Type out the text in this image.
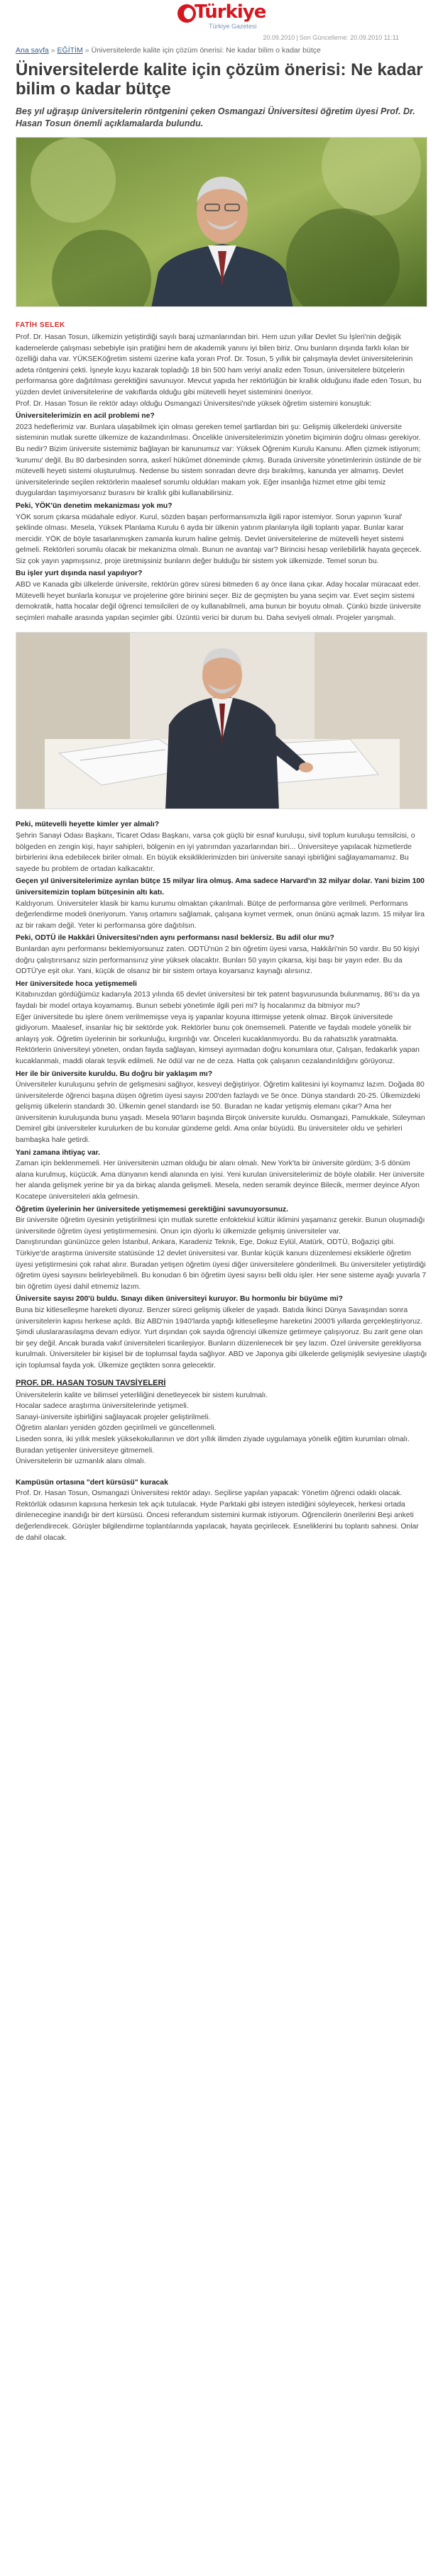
Türkiye
Türkiye Gazetesi
20.09.2010 | Son Güncelleme: 20.09.2010 11:11
Ana sayfa » EĞİTİM » Üniversitelerde kalite için çözüm önerisi: Ne kadar bilim o kadar bütçe
Üniversitelerde kalite için çözüm önerisi: Ne kadar bilim o kadar bütçe

Beş yıl uğraşıp üniversitelerin röntgenini çeken Osmangazi Üniversitesi öğretim üyesi Prof. Dr. Hasan Tosun önemli açıklamalarda bulundu.

FATİH SELEK

Prof. Dr. Hasan Tosun, ülkemizin yetiştirdiği sayılı baraj uzmanlarından biri. Hem uzun yıllar Devlet Su İşleri'nin değişik kademelerde çalışması sebebiyle işin pratiğini hem de akademik yanını iyi bilen biriz. Onu bunların dışında farklı kılan bir özelliği daha var. YÜKSEKöğretim sistemi üzerine kafa yoran Prof. Dr. Tosun, 5 yıllık bir çalışmayla devlet üniversitelerinin adeta röntgenini çekti. İşneyle kuyu kazarak topladığı 18 bin 500 ham veriyi analiz eden Tosun, üniversitelere bütçelerin performansa göre dağıtılması gerektiğini savunuyor. Mevcut yapıda her rektörlüğün bir krallık olduğunu ifade eden Tosun, bu yüzden devlet üniversitelerine de vakıflarda olduğu gibi mütevelli heyet sisteminini öneriyor.

Prof. Dr. Hasan Tosun ile rektör adayı olduğu Osmangazi Üniversitesi'nde yüksek öğretim sistemini konuştuk:

Üniversitelerimizin en acil problemi ne?

2023 hedeflerimiz var. Bunlara ulaşabilmek için olması gereken temel şartlardan biri şu: Gelişmiş ülkelerdeki üniversite sisteminin mutlak surette ülkemize de kazandırılması. Öncelikle üniversitelerimizin yönetim biçiminin doğru olması gerekiyor. Bu nedir? Bizim üniversite sistemimiz bağlayan bir kanunumuz var: Yüksek Öğrenim Kurulu Kanunu. Aflen çizmek istiyorum; 'kurumu' değil. Bu 80 darbesinden sonra, askerî hükûmet döneminde çıkmış. Burada üniversite yönetimlerinin üstünde de bir mütevelli heyeti sistemi oluşturulmuş. Nedense bu sistem sonradan devre dışı bırakılmış, kanunda yer almamış. Devlet üniversitelerinde seçilen rektörlerin maalesef sorumlu oldukları makam yok. Eğer insanlığa hizmet etme gibi temiz duygulardan taşımıyorsanız burasını bir krallık gibi kullanabilirsiniz.

Peki, YÖK'ün denetim mekanizması yok mu?

YÖK sorum çıkarsa müdahale ediyor. Kurul, sözden başarı performansımızla ilgili rapor istemiyor. Sorun yapının 'kural' şeklinde olması. Mesela, Yüksek Planlama Kurulu 6 ayda bir ülkenin yatırım planlarıyla ilgili toplantı yapar. Bunlar karar mercidir. YÖK de böyle tasarlanmışken zamanla kurum haline gelmiş. Devlet üniversitelerine de mütevelli heyet sistemi gelmeli. Rektörleri sorumlu olacak bir mekanizma olmalı. Bunun ne avantajı var? Birincisi hesap verilebilirlik hayata geçecek. Siz çok yayın yapmışsınız, proje üretmişsiniz bunların değer bulduğu bir sistem yok ülkemizde. Temel sorun bu.

Bu işler yurt dışında nasıl yapılıyor?

ABD ve Kanada gibi ülkelerde üniversite, rektörün görev süresi bitmeden 6 ay önce ilana çıkar. Aday hocalar müracaat eder. Mütevelli heyet bunlarla konuşur ve projelerine göre birinini seçer. Biz de geçmişten bu yana seçim var. Evet seçim sistemi demokratik, hatta hocalar değil öğrenci temsilcileri de oy kullanabilmeli, ama bunun bir boyutu olmalı. Çünkü bizde üniversite seçimleri mahalle arasında yapılan seçimler gibi. Üzüntü verici bir durum bu. Daha seviyeli olmalı. Projeler yarışmalı.

Peki, mütevelli heyette kimler yer almalı?

Şehrin Sanayi Odası Başkanı, Ticaret Odası Başkanı, varsa çok güçlü bir esnaf kuruluşu, sivil toplum kuruluşu temsilcisi, o bölgeden en zengin kişi, hayır sahipleri, bölgenin en iyi yatırımdan yazarlarından biri... Üniversiteye yapılacak hizmetlerde birbirlerini ikna edebilecek biriler olmalı. En büyük eksikliklerimizden biri üniversite sanayi işbirliğini sağlayamamamız. Bu sayede bu problem de ortadan kalkacaktır.

Geçen yıl üniversitelerimize ayrılan bütçe 15 milyar lira olmuş. Ama sadece Harvard'ın 32 milyar dolar. Yani bizim 100 üniversitemizin toplam bütçesinin altı katı.

Kaldıyorum. Üniversiteler klasik bir kamu kurumu olmaktan çıkarılmalı. Bütçe de performansa göre verilmeli. Performans değerlendirme modeli öneriyorum. Yanış ortamını sağlamak, çalışana kıymet vermek, onun önünü açmak lazım. 15 milyar lira az bir rakam değil. Yeter ki performansa göre dağıtılsın.

Peki, ODTÜ ile Hakkâri Üniversitesi'nden aynı performansı nasıl beklersiz. Bu adil olur mu?

Bunlardan aynı performansı beklemiyorsunuz zaten. ODTÜ'nün 2 bin öğretim üyesi varsa, Hakkâri'nin 50 vardır. Bu 50 kişiyi doğru çalıştırırsanız sizin performansınız yine yüksek olacaktır. Bunları 50 yayın çıkarsa, kişi başı bir yayın eder. Bu da ODTÜ'ye eşit olur. Yani, küçük de olsanız bir bir sistem ortaya koyarsanız kaynağı alırsınız.

Her üniversitede hoca yetişmemeli

Kitabınızdan gördüğümüz kadarıyla 2013 yılında 65 devlet üniversitesi bir tek patent başvurusunda bulunmamış, 86'sı da ya faydalı bir model ortaya koyamamış. Bunun sebebi yönetimle ilgili peri mi? İş hocalarımız da bitmiyor mu?

Eğer üniversitede bu işlere önem verilmemişse veya iş yapanlar koyuna ittirmişse yetenk olmaz. Birçok üniversitede gidiyorum. Maalesef, insanlar hiç bir sektörde yok. Rektörler bunu çok önemsemeli. Patentle ve faydalı modele yönelik bir anlayış yok. Öğretim üyelerinin bir sorkunluğu, kırgınlığı var. Önceleri kucaklanmıyordu. Bu da rahatsızlık yaratmakta. Rektörlerin üniversiteyi yöneten, ondan fayda sağlayan, kimseyi ayırmadan doğru konumlara otur, Çalışan, fedakarlık yapan kucaklanmalı, maddi olarak teşvik edilmeli. Ne ödül var ne de ceza. Hatta çok çalışanın cezalandırıldığını görüyoruz.

Her ile bir üniversite kuruldu. Bu doğru bir yaklaşım mı?

Üniversiteler kuruluşunu şehrin de gelişmesini sağlıyor, kesveyi değiştiriyor. Öğretim kalitesini iyi koymamız lazım. Doğada 80 üniversitelerde öğrenci başına düşen öğretim üyesi sayısı 200'den fazlaydı ve 5e önce. Dünya standardı 20-25. Ülkemizdeki gelişmiş ülkelerin standardı 30. Ülkemin genel standardı ise 50. Buradan ne kadar yetişmiş elemanı çıkar? Ama her üniversitenin kuruluşunda bunu yaşadı. Mesela 90'ların başında Birçok üniversite kuruldu. Osmangazi, Pamukkale, Süleyman Demirel gibi üniversiteler kurulurken de bu konular gündeme geldi. Ama onlar büyüdü. Bu üniversiteler oldu ve şehirleri bambaşka hale getirdi.

Yani zamana ihtiyaç var.

Zaman için beklenmemeli. Her üniversitenin uzman olduğu bir alanı olmalı. New York'ta bir üniversite gördüm; 3-5 dönüm alana kurulmuş, küçücük. Ama dünyanın kendi alanında en iyisi. Yeni kurulan üniversitelerimiz de böyle olabilir. Her üniversite her alanda gelişmek yerine bir ya da birkaç alanda gelişmeli. Mesela, neden seramik deyince Bilecik, mermer deyince Afyon Kocatepe üniversiteleri akla gelmesin.

Öğretim üyelerinin her üniversitede yetişmemesi gerektiğini savunuyorsunuz.

Bir üniversite öğretim üyesinin yetiştirilmesi için mutlak surette enfoktekiul kültür iklimini yaşamanız gerekir. Bunun oluşmadığı üniversitede öğretim üyesi yetiştirmemesini. Onun için dýorlu ki ülkemizde gelişmiş üniversiteler var.

Danıştırundan gününüzce gelen İstanbul, Ankara, Karadeniz Teknik, Ege, Dokuz Eylül, Atatürk, ODTÜ, Boğaziçi gibi. Türkiye'de araştırma üniversite statüsünde 12 devlet üniversitesi var. Bunlar küçük kanunı düzenlemesi eksiklerle öğretim üyesi yetiştirmesini çok rahat alırır. Buradan yetişen öğretim üyesi diğer üniversitelere gönderilmeli. Bu üniversiteler yetiştirdiği öğretim üyesi sayısını belirleyebilmeli. Bu konudan 6 bin öğretim üyesi sayısı belli oldu işler. Her sene sisteme ayağı yuvarla 7 bin öğretim üyesi dahil etmemiz lazım.

Üniversite sayısı 200'ü buldu. Sınayı diken üniversiteyi kuruyor. Bu hormonlu bir büyüme mi?

Buna biz kitleselleşme hareketi diyoruz. Benzer süreci gelişmiş ülkeler de yaşadı. Batıda İkinci Dünya Savaşından sonra üniversitelerin kapısı herkese açıldı. Biz ABD'nin 1940'larda yaptığı kitleselleşme hareketini 2000'li yıllarda gerçekleştiriyoruz. Şimdi uluslararasılaşma devam ediyor. Yurt dışından çok sayıda öğrenciyi ülkemize getirmeye çalışıyoruz. Bu zarit gene olan bir şey değil. Ancak burada vakıf üniversiteleri ticarileşiyor. Bunların düzenlenecek bir şey lazım. Özel üniversite gerekliyorsa kurulmalı. Üniversiteler bir kişisel bir de toplumsal fayda sağlıyor. ABD ve Japonya gibi ülkelerde gelişmişlik seviyesine ulaştığı için toplumsal fayda yok. Ülkemize geçtikten sonra gelecektir.

PROF. DR. HASAN TOSUN TAVSİYELERİ

Üniversitelerin kalite ve bilimsel yeterliliğini denetleyecek bir sistem kurulmalı.

Hocalar sadece araştırma üniversitelerinde yetişmeli.

Sanayi-üniversite işbirliğini sağlayacak projeler geliştirilmeli.

Öğretim alanları yeniden gözden geçirilmeli ve güncellenmeli.

Liseden sonra, iki yıllık meslek yüksekokullarının ve dört yıllık ilimden ziyade uygulamaya yönelik eğitim kurumları olmalı. Buradan yetişenler üniversiteye gitmemeli.

Üniversitelerin bir uzmanlık alanı olmalı.

Kampüsün ortasına "dert kürsüsü" kuracak

Prof. Dr. Hasan Tosun, Osmangazi Üniversitesi rektör adayı. Seçilirse yapılan yapacak: Yönetim öğrenci odaklı olacak. Rektörlük odasının kapısına herkesin tek açık tutulacak. Hyde Parktaki gibi isteyen istediğini söyleyecek, herkesi ortada dinlenecegine inandığı bir dert kürsüsü. Öncesi referandum sistemini kurmak istiyorum. Öğrencilerin önerilerini Beşi anketi değerlendirecek. Görüşler bilgilendirme toplantılarında yapılacak, hayata geçirilecek. Esneliklerini bu toplantı sahnesi. Onlar de dahil olacak.
